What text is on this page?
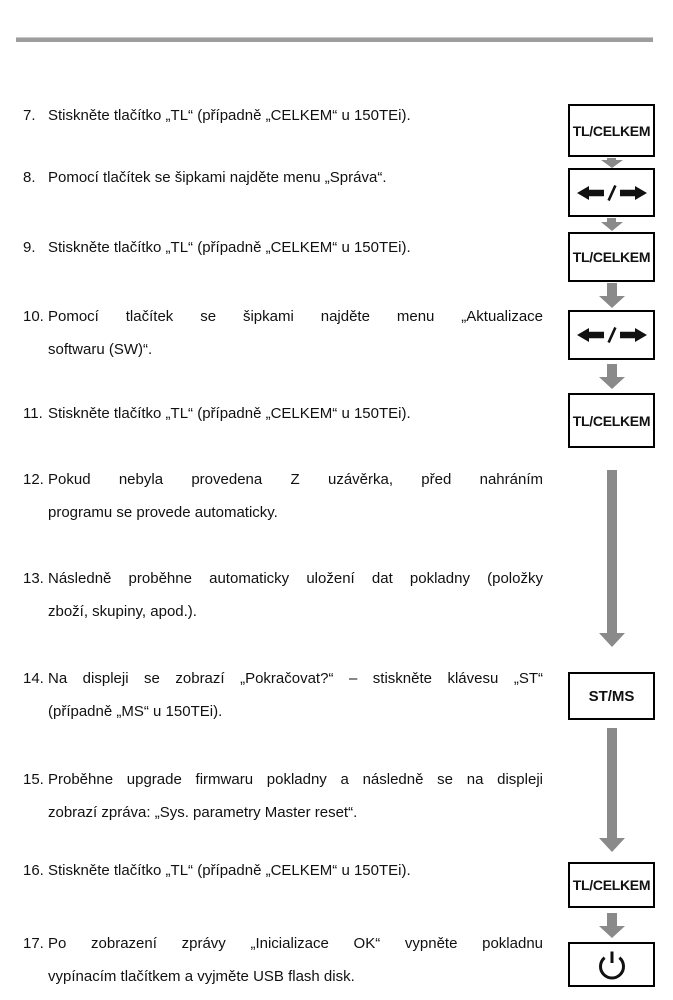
7. Stiskněte tlačítko „TL“ (případně „CELKEM“ u 150TEi).
8. Pomocí tlačítek se šipkami najděte menu „Správa“.
9. Stiskněte tlačítko „TL“ (případně „CELKEM“ u 150TEi).
10. Pomocí tlačítek se šipkami najděte menu „Aktualizace
softwaru (SW)“.
11. Stiskněte tlačítko „TL“ (případně „CELKEM“ u 150TEi).
12. Pokud nebyla provedena Z uzávěrka, před nahráním
programu se provede automaticky.
13. Následně proběhne automaticky uložení dat pokladny (položky
zboží, skupiny, apod.).
14. Na displeji se zobrazí „Pokračovat?“ – stiskněte klávesu „ST“
(případně „MS“ u 150TEi).
15. Proběhne upgrade firmwaru pokladny a následně se na displeji
zobrazí zpráva: „Sys. parametry Master reset“.
16. Stiskněte tlačítko „TL“ (případně „CELKEM“ u 150TEi).
17. Po zobrazení zprávy „Inicializace OK“ vypněte pokladnu
vypínacím tlačítkem a vyjměte USB flash disk.
TL/CELKEM
TL/CELKEM
TL/CELKEM
ST/MS
TL/CELKEM
